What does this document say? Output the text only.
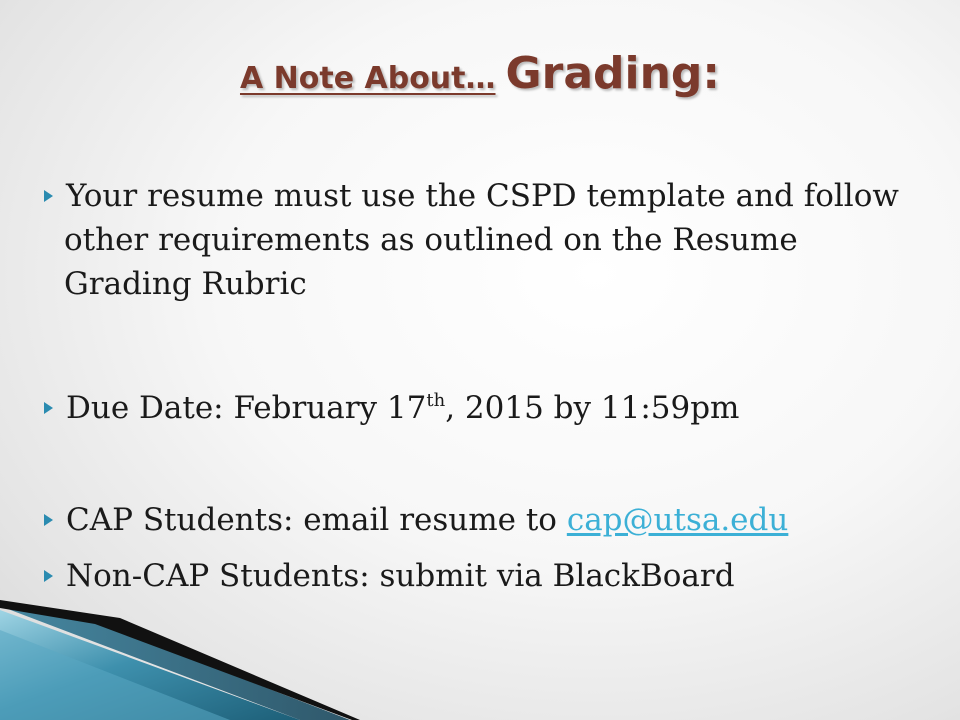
A Note About… Grading:
Your resume must use the CSPD template and follow other requirements as outlined on the Resume Grading Rubric
Due Date: February 17th, 2015 by 11:59pm
CAP Students: email resume to cap@utsa.edu
Non-CAP Students: submit via BlackBoard
